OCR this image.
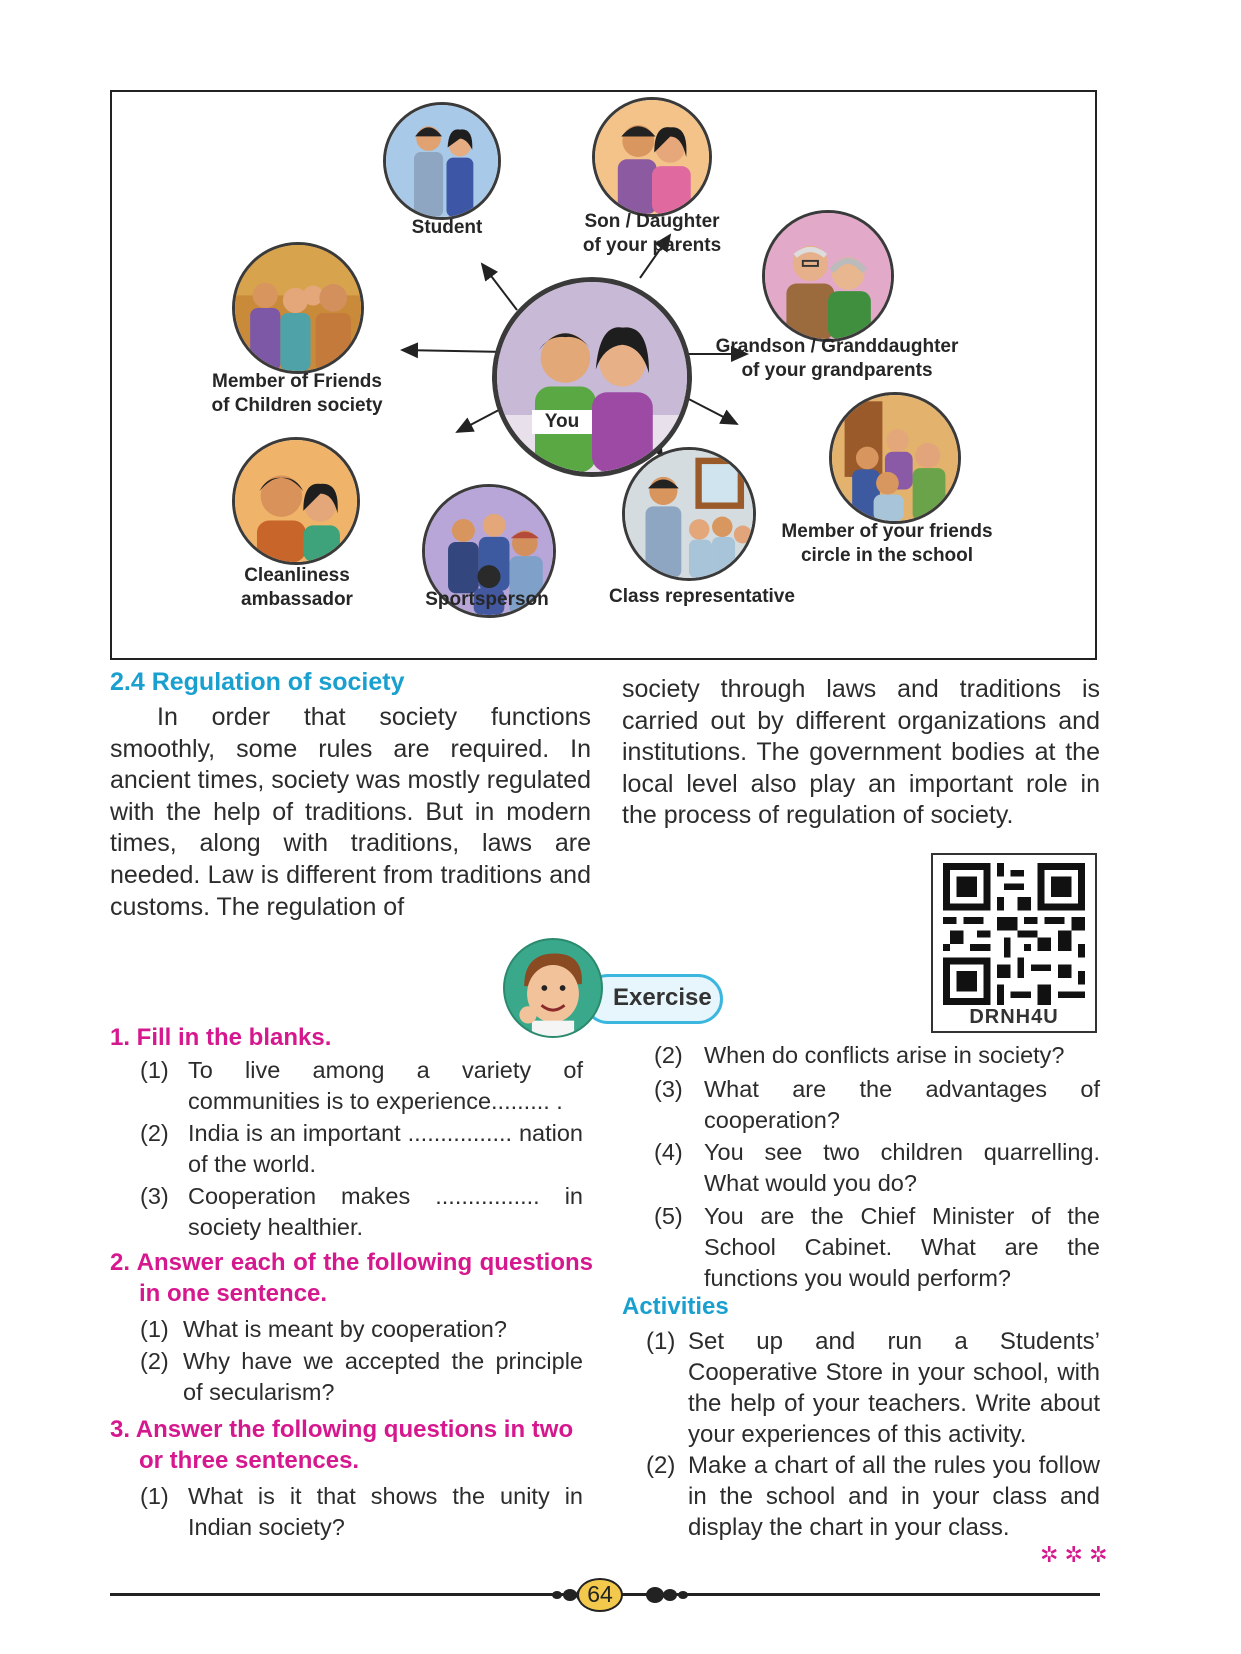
You
Student	Son / Daughter
of your parents
Grandson / Granddaughter
of your grandparents
Member of Friends
of Children society
Member of your friends
circle in the school
Cleanliness ambassador	Sportsperson	Class representative
2.4 Regulation of society
In order that society functions smoothly, some rules are required. In ancient times, society was mostly regulated with the help of traditions. But in modern times, along with traditions, laws are needed. Law is different from traditions and customs. The regulation of
society through laws and traditions is carried out by different organizations and institutions. The government bodies at the local level also play an important role in the process of regulation of society.
DRNH4U
Exercise
1. Fill in the blanks.
(1) To live among a variety of communities is to experience......... .
(2) India is an important ................ nation of the world.
(3) Cooperation makes ................ in society healthier.
2. Answer each of the following questions in one sentence.
(1) What is meant by cooperation?
(2) Why have we accepted the principle of secularism?
3. Answer the following questions in two or three sentences.
(1) What is it that shows the unity in Indian society?
(2) When do conflicts arise in society?
(3) What are the advantages of cooperation?
(4) You see two children quarrelling. What would you do?
(5) You are the Chief Minister of the School Cabinet. What are the functions you would perform?
Activities
(1) Set up and run a Students’ Cooperative Store in your school, with the help of your teachers. Write about your experiences of this activity.
(2) Make a chart of all the rules you follow in the school and in your class and display the chart in your class.
✲ ✲ ✲
64
